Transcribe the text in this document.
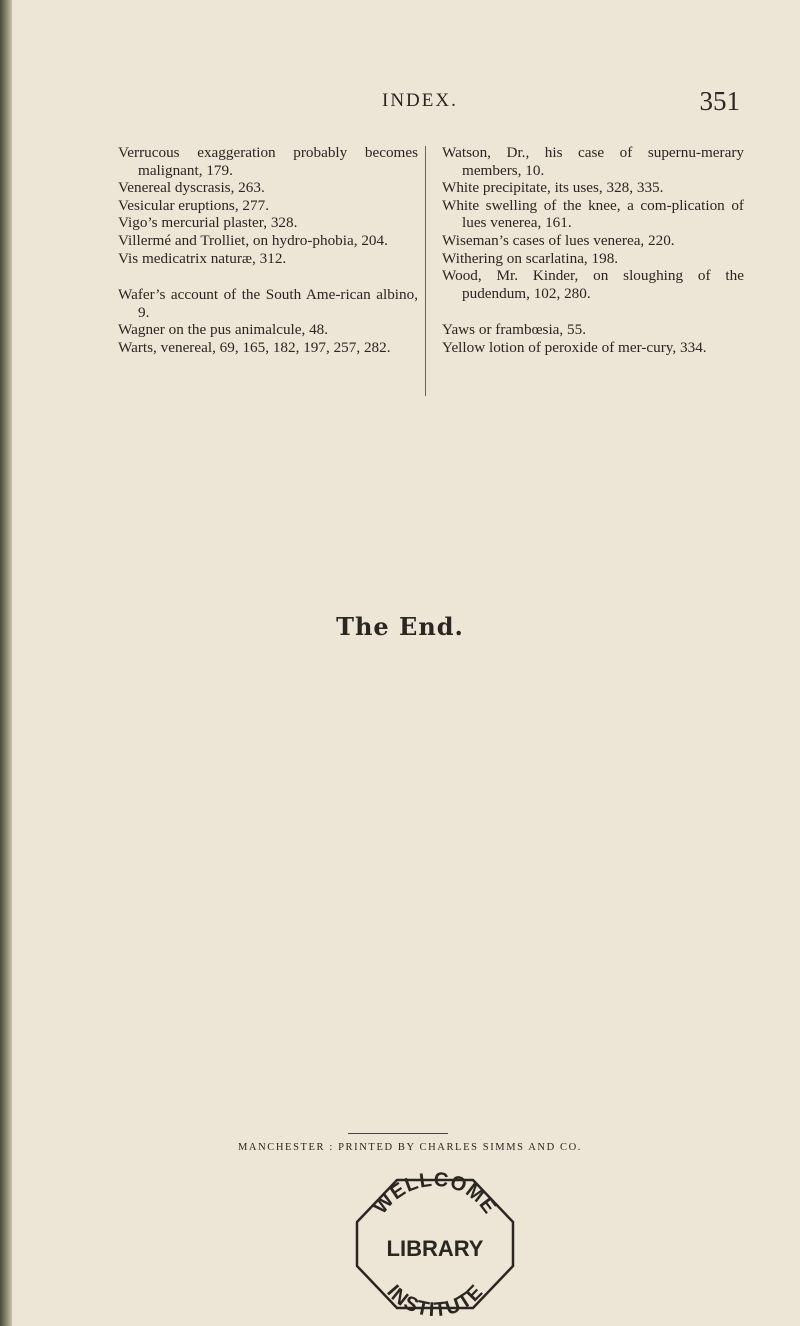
INDEX.	351

Verrucous exaggeration probably becomes malignant, 179.

Venereal dyscrasis, 263.

Vesicular eruptions, 277.

Vigo’s mercurial plaster, 328.

Villermé and Trolliet, on hydro-phobia, 204.

Vis medicatrix naturæ, 312.

Wafer’s account of the South Ame-rican albino, 9.

Wagner on the pus animalcule, 48.

Warts, venereal, 69, 165, 182, 197, 257, 282.

Watson, Dr., his case of supernu-merary members, 10.

White precipitate, its uses, 328, 335.

White swelling of the knee, a com-plication of lues venerea, 161.

Wiseman’s cases of lues venerea, 220.

Withering on scarlatina, 198.

Wood, Mr. Kinder, on sloughing of the pudendum, 102, 280.

Yaws or frambœsia, 55.

Yellow lotion of peroxide of mer-cury, 334.

The End.
MANCHESTER : PRINTED BY CHARLES SIMMS AND CO.
WELLCOME
LIBRARY
INSTITUTE
